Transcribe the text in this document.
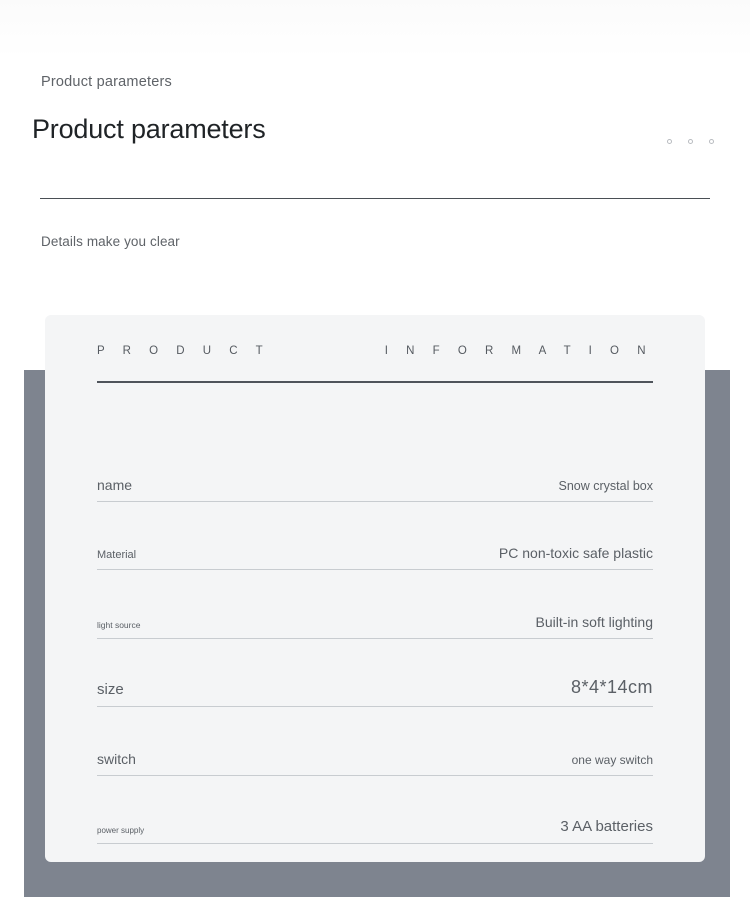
Product parameters
Product parameters
Details make you clear
P R O D U C T	I N F O R M A T I O N
name	Snow crystal box
Material	PC non-toxic safe plastic
light source	Built-in soft lighting
size	8*4*14cm
switch	one way switch
power supply	3 AA batteries
